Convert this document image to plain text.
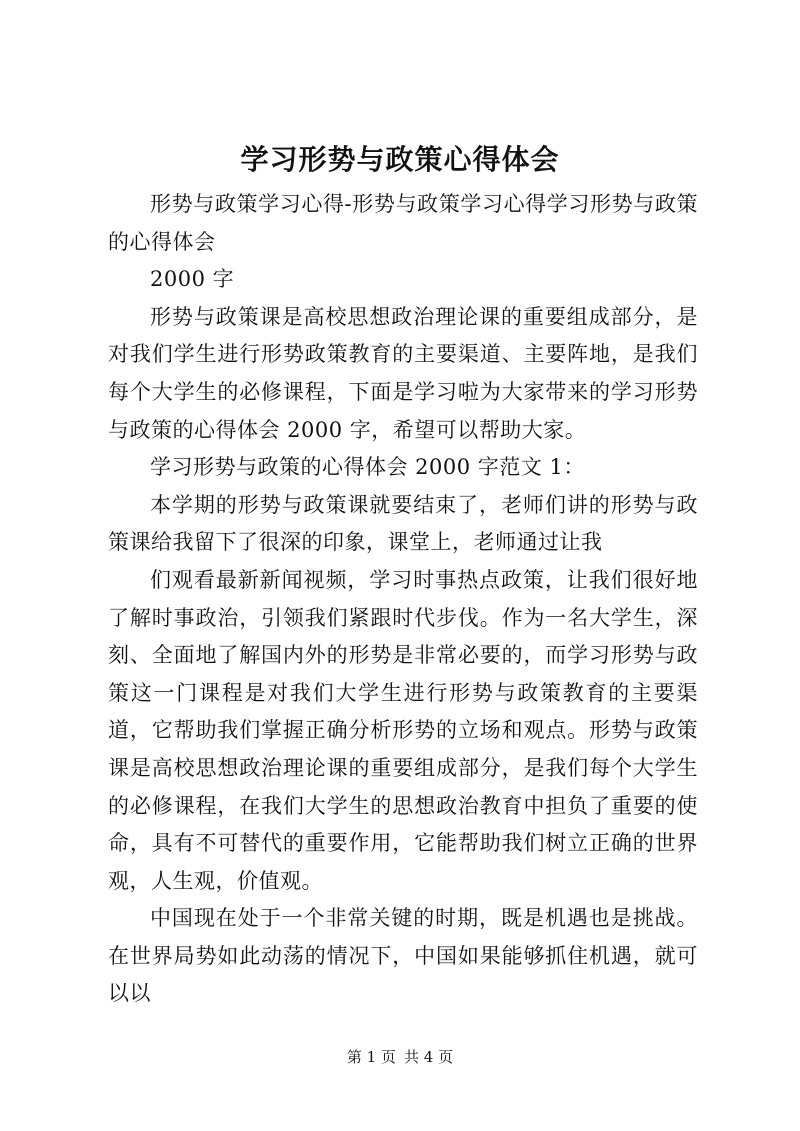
学习形势与政策心得体会

形势与政策学习心得-形势与政策学习心得学习形势与政策的心得体会

2000 字

形势与政策课是高校思想政治理论课的重要组成部分，是对我们学生进行形势政策教育的主要渠道、主要阵地，是我们每个大学生的必修课程，下面是学习啦为大家带来的学习形势与政策的心得体会 2000 字，希望可以帮助大家。

学习形势与政策的心得体会 2000 字范文 1：

本学期的形势与政策课就要结束了，老师们讲的形势与政策课给我留下了很深的印象，课堂上，老师通过让我

们观看最新新闻视频，学习时事热点政策，让我们很好地了解时事政治，引领我们紧跟时代步伐。作为一名大学生，深刻、全面地了解国内外的形势是非常必要的，而学习形势与政策这一门课程是对我们大学生进行形势与政策教育的主要渠道，它帮助我们掌握正确分析形势的立场和观点。形势与政策课是高校思想政治理论课的重要组成部分，是我们每个大学生的必修课程，在我们大学生的思想政治教育中担负了重要的使命，具有不可替代的重要作用，它能帮助我们树立正确的世界观，人生观，价值观。

中国现在处于一个非常关键的时期，既是机遇也是挑战。在世界局势如此动荡的情况下，中国如果能够抓住机遇，就可以以

第 1 页 共 4 页
